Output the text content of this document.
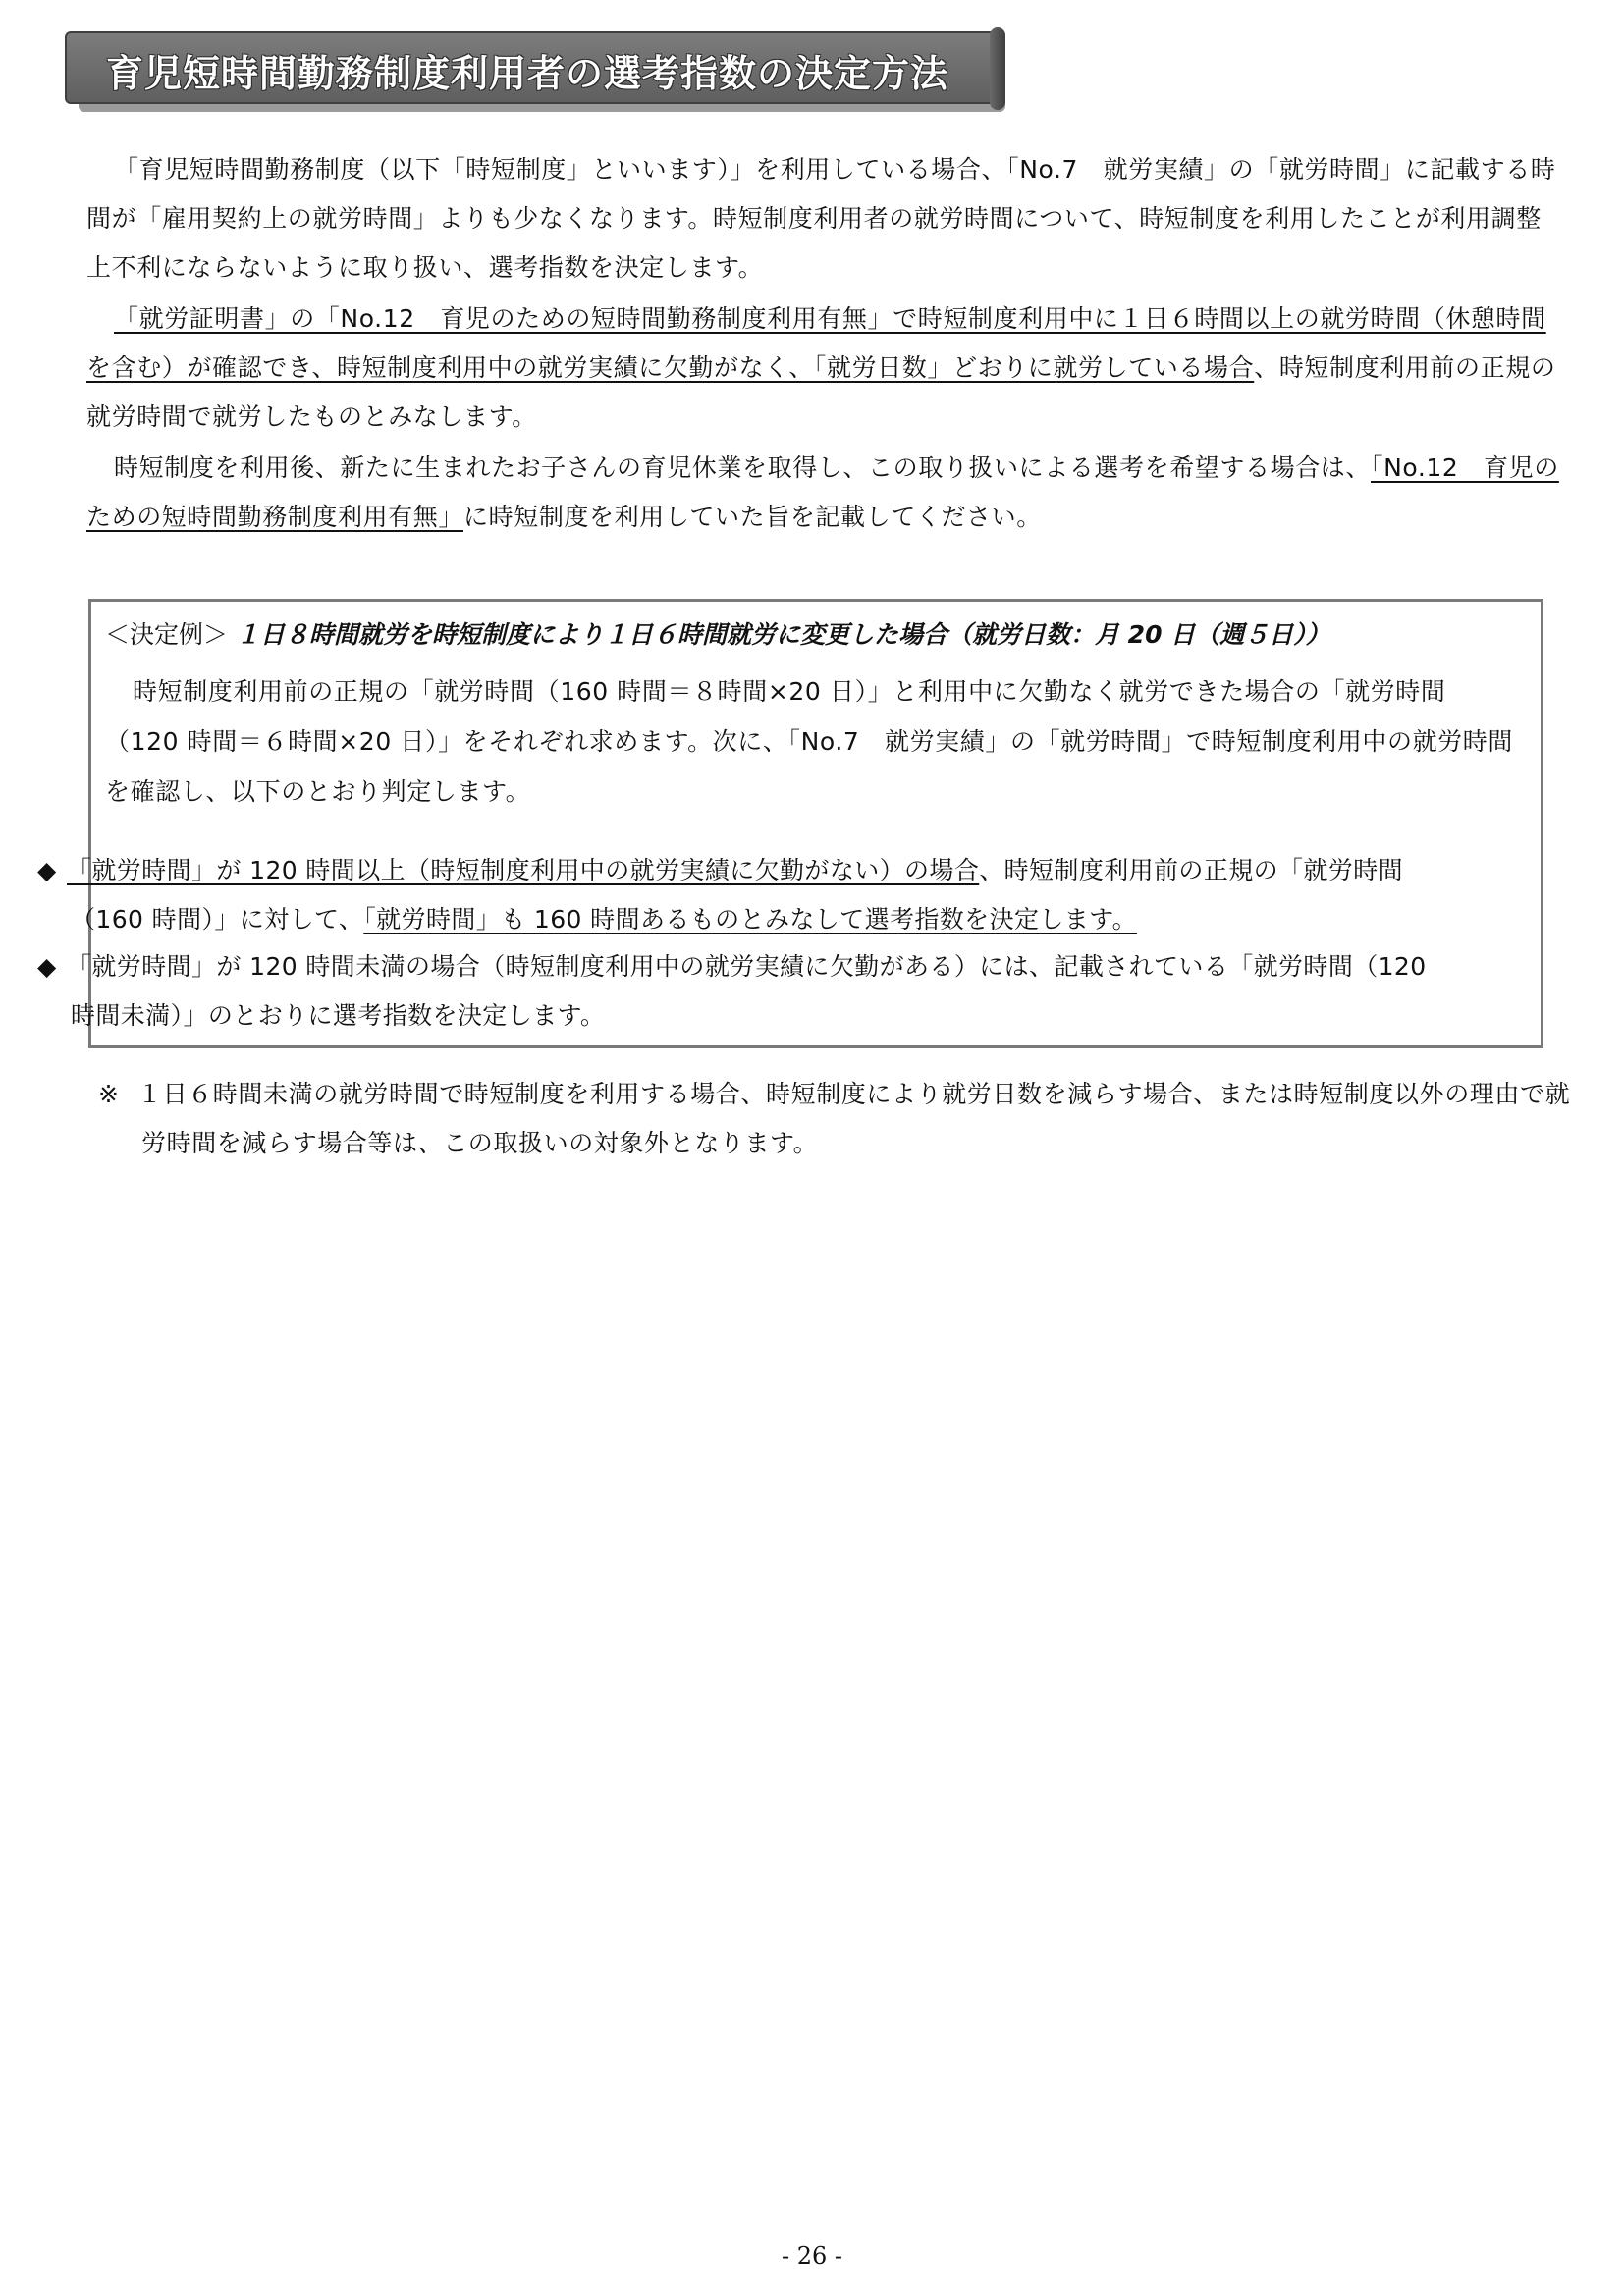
育児短時間勤務制度利用者の選考指数の決定方法
「育児短時間勤務制度（以下「時短制度」といいます）」を利用している場合、「No.7　就労実績」の「就労時間」に記載する時間が「雇用契約上の就労時間」よりも少なくなります。時短制度利用者の就労時間について、時短制度を利用したことが利用調整上不利にならないように取り扱い、選考指数を決定します。
「就労証明書」の「No.12　育児のための短時間勤務制度利用有無」で時短制度利用中に１日６時間以上の就労時間（休憩時間を含む）が確認でき、時短制度利用中の就労実績に欠勤がなく、「就労日数」どおりに就労している場合、時短制度利用前の正規の就労時間で就労したものとみなします。
時短制度を利用後、新たに生まれたお子さんの育児休業を取得し、この取り扱いによる選考を希望する場合は、「No.12　育児のための短時間勤務制度利用有無」に時短制度を利用していた旨を記載してください。
＜決定例＞ １日８時間就労を時短制度により１日６時間就労に変更した場合（就労日数：月 20 日（週５日））
時短制度利用前の正規の「就労時間（160 時間＝８時間×20 日）」と利用中に欠勤なく就労できた場合の「就労時間（120 時間＝６時間×20 日）」をそれぞれ求めます。次に、「No.7　就労実績」の「就労時間」で時短制度利用中の就労時間を確認し、以下のとおり判定します。
◆ 「就労時間」が 120 時間以上（時短制度利用中の就労実績に欠勤がない）の場合、時短制度利用前の正規の「就労時間（160 時間）」に対して、「就労時間」も 160 時間あるものとみなして選考指数を決定します。
◆ 「就労時間」が 120 時間未満の場合（時短制度利用中の就労実績に欠勤がある）には、記載されている「就労時間（120 時間未満）」のとおりに選考指数を決定します。
※ １日６時間未満の就労時間で時短制度を利用する場合、時短制度により就労日数を減らす場合、または時短制度以外の理由で就労時間を減らす場合等は、この取扱いの対象外となります。
- 26 -
